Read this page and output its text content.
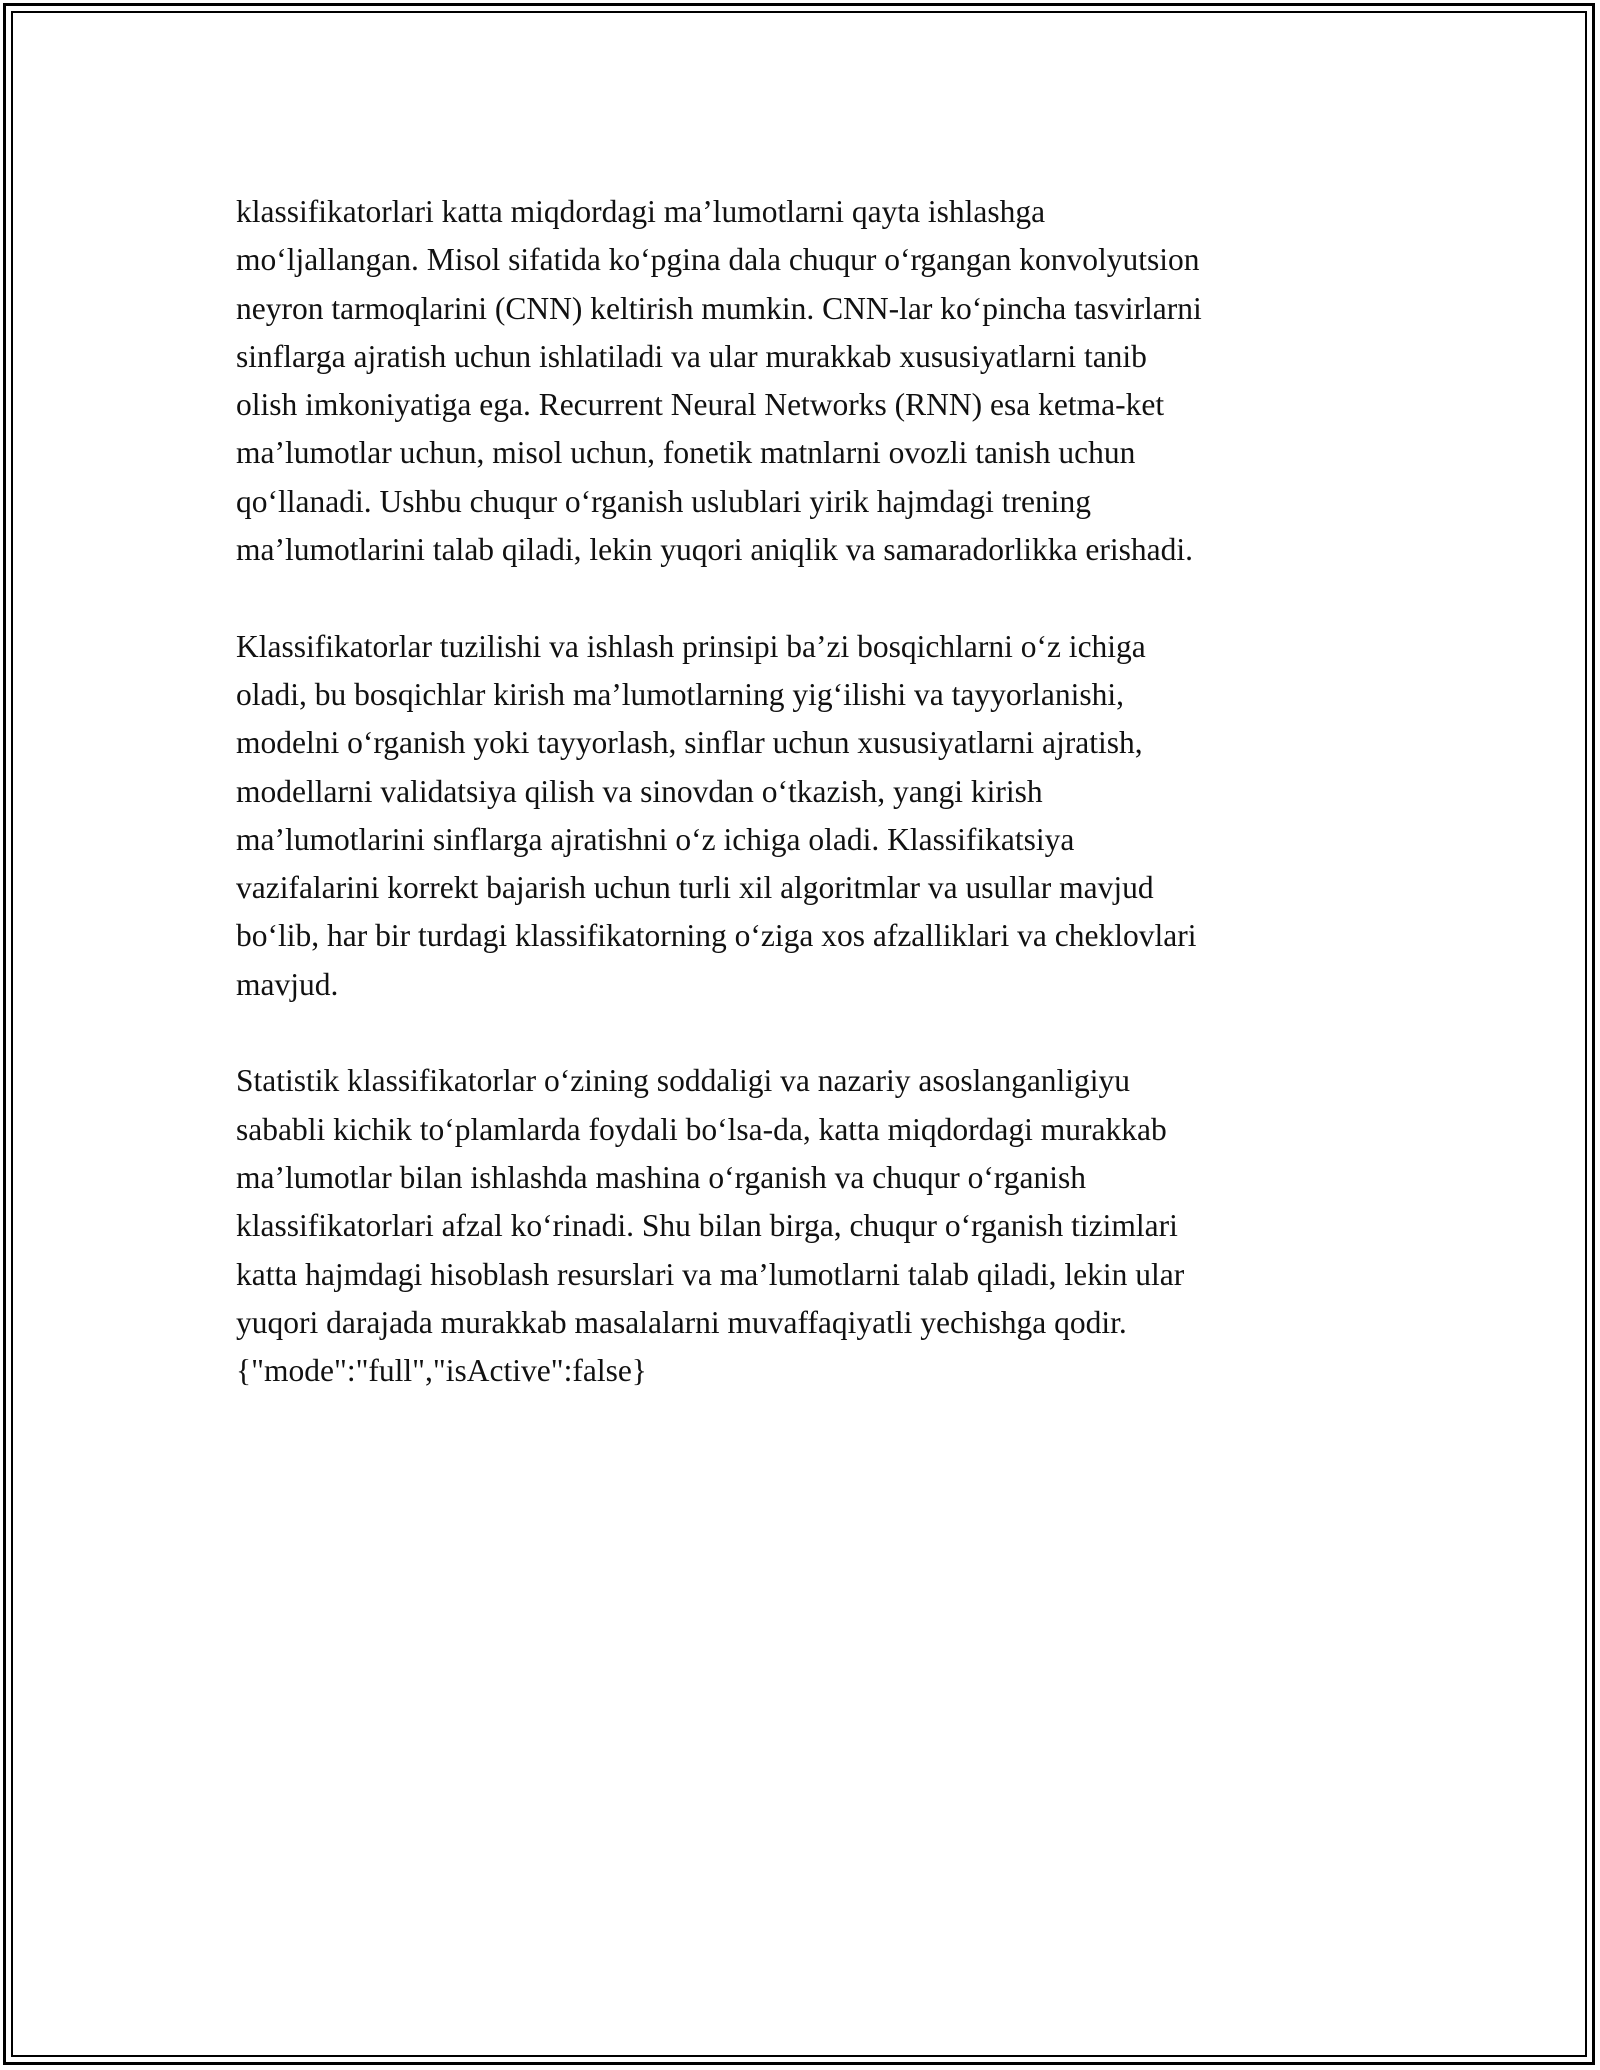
klassifikatorlari katta miqdordagi ma’lumotlarni qayta ishlashga
mo‘ljallangan. Misol sifatida ko‘pgina dala chuqur o‘rgangan konvolyutsion
neyron tarmoqlarini (CNN) keltirish mumkin. CNN-lar ko‘pincha tasvirlarni
sinflarga ajratish uchun ishlatiladi va ular murakkab xususiyatlarni tanib
olish imkoniyatiga ega. Recurrent Neural Networks (RNN) esa ketma-ket
ma’lumotlar uchun, misol uchun, fonetik matnlarni ovozli tanish uchun
qo‘llanadi. Ushbu chuqur o‘rganish uslublari yirik hajmdagi trening
ma’lumotlarini talab qiladi, lekin yuqori aniqlik va samaradorlikka erishadi.

Klassifikatorlar tuzilishi va ishlash prinsipi ba’zi bosqichlarni o‘z ichiga
oladi, bu bosqichlar kirish ma’lumotlarning yig‘ilishi va tayyorlanishi,
modelni o‘rganish yoki tayyorlash, sinflar uchun xususiyatlarni ajratish,
modellarni validatsiya qilish va sinovdan o‘tkazish, yangi kirish
ma’lumotlarini sinflarga ajratishni o‘z ichiga oladi. Klassifikatsiya
vazifalarini korrekt bajarish uchun turli xil algoritmlar va usullar mavjud
bo‘lib, har bir turdagi klassifikatorning o‘ziga xos afzalliklari va cheklovlari
mavjud.

Statistik klassifikatorlar o‘zining soddaligi va nazariy asoslanganligiyu
sababli kichik to‘plamlarda foydali bo‘lsa-da, katta miqdordagi murakkab
ma’lumotlar bilan ishlashda mashina o‘rganish va chuqur o‘rganish
klassifikatorlari afzal ko‘rinadi. Shu bilan birga, chuqur o‘rganish tizimlari
katta hajmdagi hisoblash resurslari va ma’lumotlarni talab qiladi, lekin ular
yuqori darajada murakkab masalalarni muvaffaqiyatli yechishga qodir.

{"mode":"full","isActive":false}
